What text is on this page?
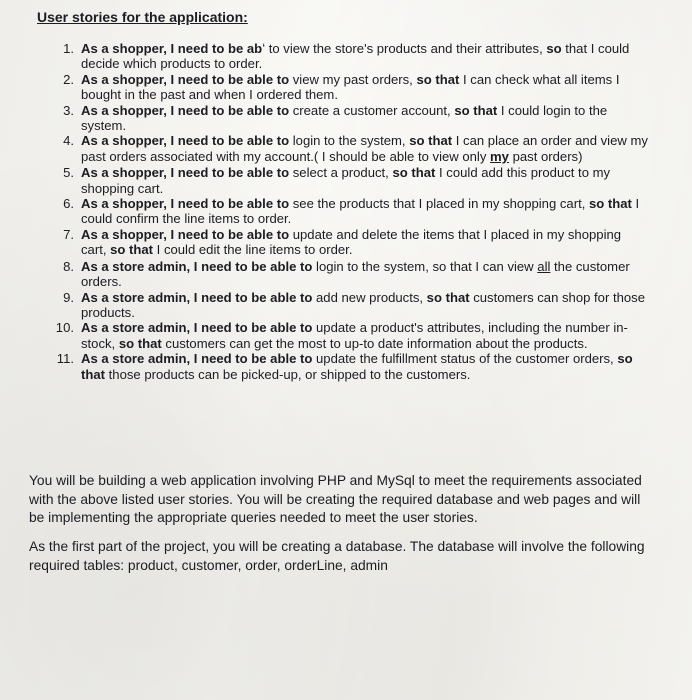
User stories for the application:
1. As a shopper, I need to be abʻ to view the store's products and their attributes, so that I could decide which products to order.
2. As a shopper, I need to be able to view my past orders, so that I can check what all items I bought in the past and when I ordered them.
3. As a shopper, I need to be able to create a customer account, so that I could login to the system.
4. As a shopper, I need to be able to login to the system, so that I can place an order and view my past orders associated with my account.( I should be able to view only my past orders)
5. As a shopper, I need to be able to select a product, so that I could add this product to my shopping cart.
6. As a shopper, I need to be able to see the products that I placed in my shopping cart, so that I could confirm the line items to order.
7. As a shopper, I need to be able to update and delete the items that I placed in my shopping cart, so that I could edit the line items to order.
8. As a store admin, I need to be able to login to the system, so that I can view all the customer orders.
9. As a store admin, I need to be able to add new products, so that customers can shop for those products.
10. As a store admin, I need to be able to update a product's attributes, including the number in-stock, so that customers can get the most to up-to date information about the products.
11. As a store admin, I need to be able to update the fulfillment status of the customer orders, so that those products can be picked-up, or shipped to the customers.

You will be building a web application involving PHP and MySql to meet the requirements associated with the above listed user stories. You will be creating the required database and web pages and will be implementing the appropriate queries needed to meet the user stories.

As the first part of the project, you will be creating a database. The database will involve the following required tables: product, customer, order, orderLine, admin
